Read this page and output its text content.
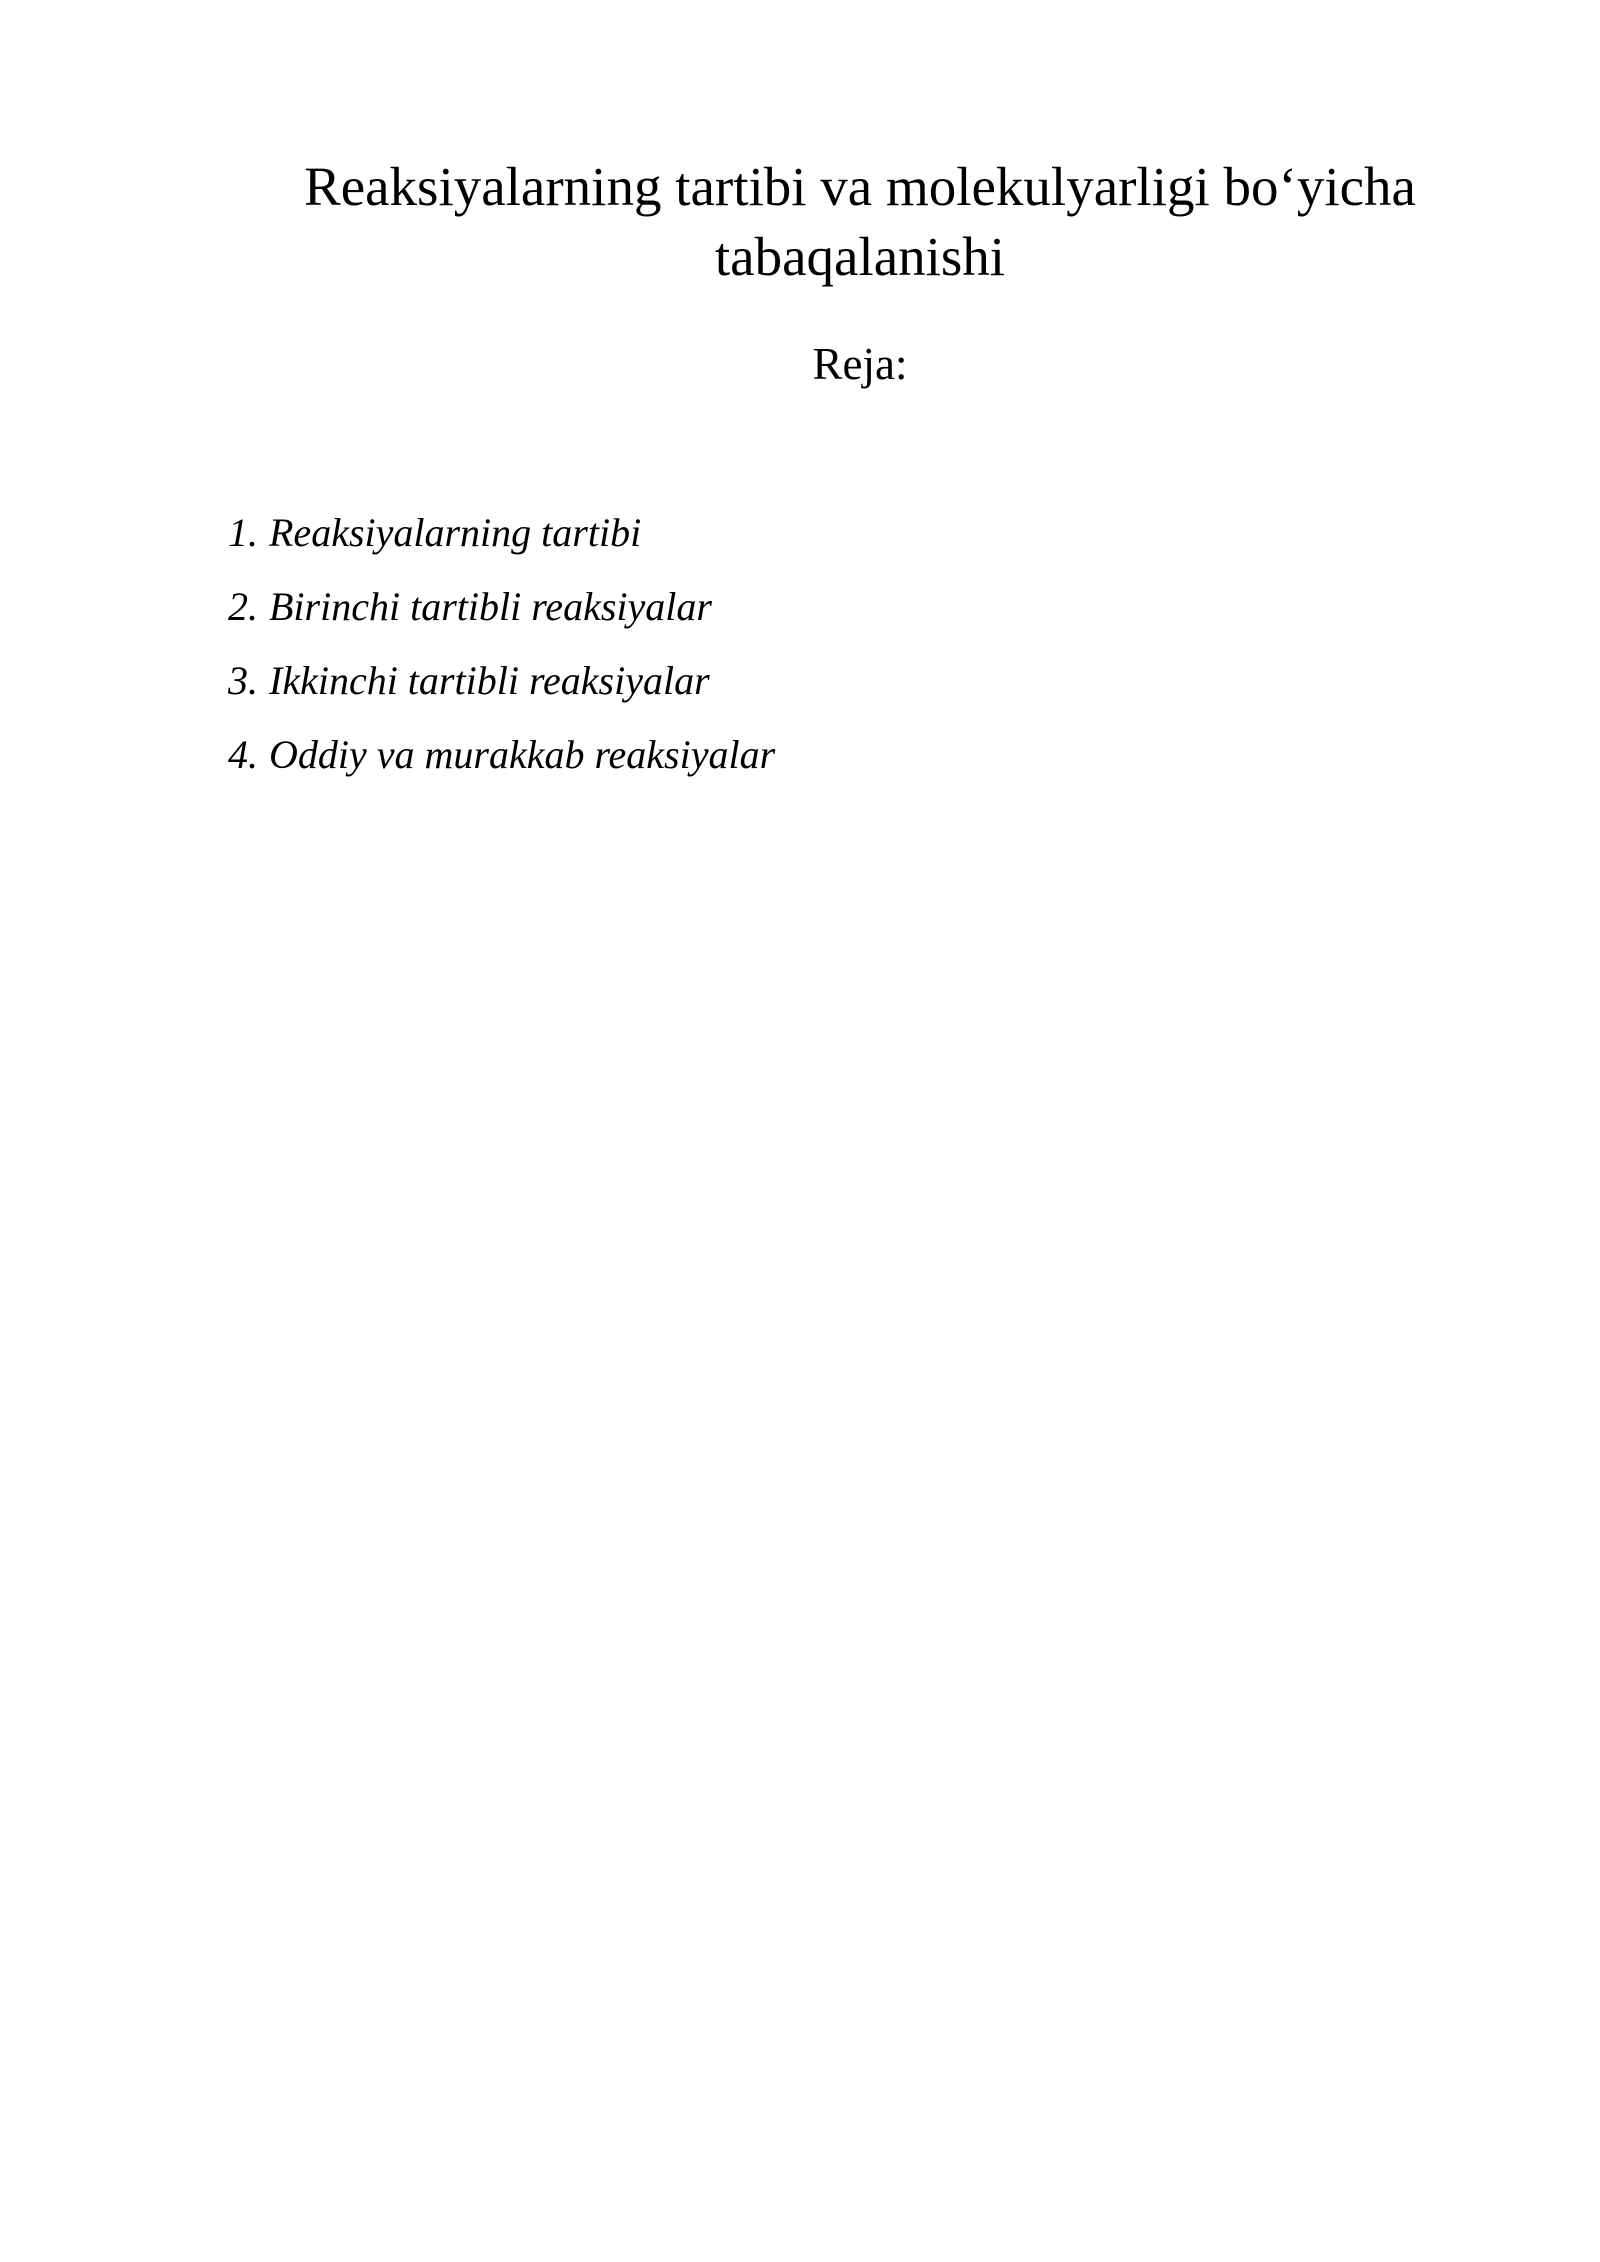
Reaksiyalarning tartibi va molekulyarligi bo‘yicha
tabaqalanishi
Reja:
1. Reaksiyalarning tartibi
2. Birinchi tartibli reaksiyalar
3. Ikkinchi tartibli reaksiyalar
4. Oddiy va murakkab reaksiyalar
